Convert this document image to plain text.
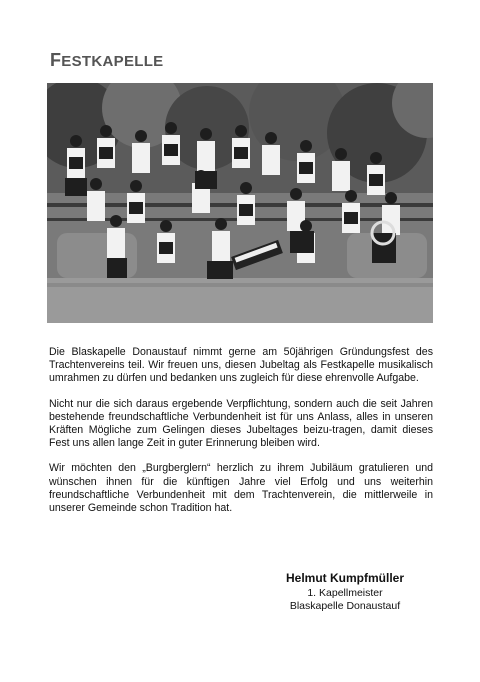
FESTKAPELLE

Die Blaskapelle Donaustauf nimmt gerne am 50jährigen Gründungsfest des Trachtenvereins teil. Wir freuen uns, diesen Jubeltag als Festkapelle musikalisch umrahmen zu dürfen und bedanken uns zugleich für diese ehrenvolle Aufgabe.

Nicht nur die sich daraus ergebende Verpflichtung, sondern auch die seit Jahren bestehende freundschaftliche Verbundenheit ist für uns Anlass, alles in unseren Kräften Mögliche zum Gelingen dieses Jubeltages beizu-tragen, damit dieses Fest uns allen lange Zeit in guter Erinnerung bleiben wird.

Wir möchten den „Burgberglern“ herzlich zu ihrem Jubiläum gratulieren und wünschen ihnen für die künftigen Jahre viel Erfolg und uns weiterhin freundschaftliche Verbundenheit mit dem Trachtenverein, die mittlerweile in unserer Gemeinde schon Tradition hat.

Helmut Kumpfmüller
1. Kapellmeister
Blaskapelle Donaustauf
